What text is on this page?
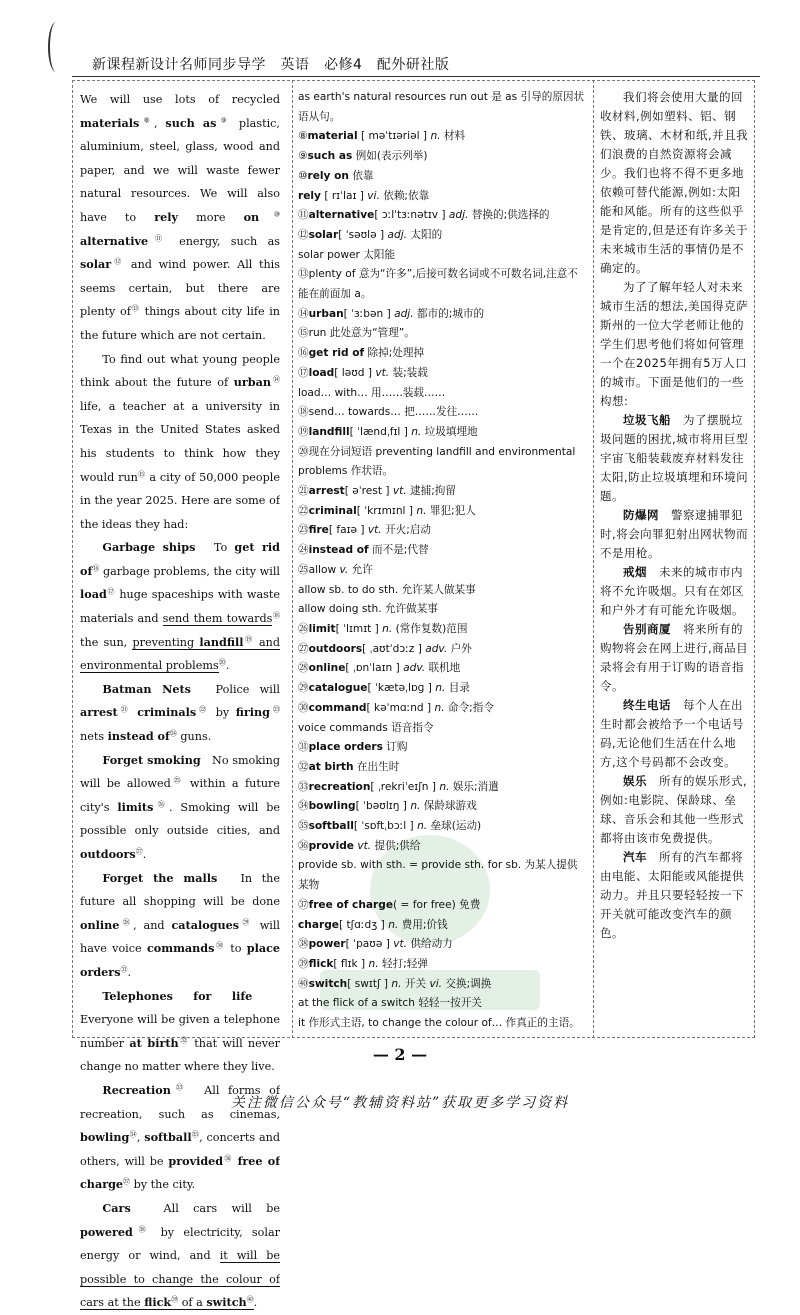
新课程新设计名师同步导学　英语　必修4　配外研社版

We will use lots of recycled materials⑧, such as⑨ plastic, aluminium, steel, glass, wood and paper, and we will waste fewer natural resources. We will also have to rely more on⑩ alternative⑪ energy, such as solar⑫ and wind power. All this seems certain, but there are plenty of⑬ things about city life in the future which are not certain.

To find out what young people think about the future of urban⑭ life, a teacher at a university in Texas in the United States asked his students to think how they would run⑮ a city of 50,000 people in the year 2025. Here are some of the ideas they had:

Garbage ships　To get rid of⑯ garbage problems, the city will load⑰ huge spaceships with waste materials and send them towards⑱ the sun, preventing landfill⑲ and environmental problems⑳.

Batman Nets　Police will arrest$^㉑$ criminals$^㉒$ by firing$^㉓$ nets instead $of^㉔$ guns.

Forget smoking　No smoking will be allowed$^㉕$ within a future city's limits$^㉖$. Smoking will be possible only outside cities, and outdoors$^㉗$.

Forget the malls　In the future all shopping will be done online$^㉘$, and catalogues$^㉙$ will have voice commands$^㉚$ to place orders$^㉛$.

Telephones for life　Everyone will be given a telephone number at birth$^㉜$ that will never change no matter where they live.

Recreation$^㉝$　All forms of recreation, such as cinemas, bowling$^㉞$, softball$^㉟$, concerts and others, will be provided$^㊱$ free of charge$^㊲$ by the city.

Cars　All cars will be powered$^㊳$ by electricity, solar energy or wind, and it will be possible to change the colour of cars at the flick$^㊴$ of a switch$^㊵$.

as earth's natural resources run out 是 as 引导的原因状语从句。

⑧material [ məˈtɪəriəl ] n. 材料

⑨such as 例如(表示列举)

⑩rely on 依靠

rely [ rɪˈlaɪ ] vi. 依赖;依靠

⑪alternative[ ɔːlˈtɜːnətɪv ] adj. 替换的;供选择的

⑫solar[ ˈsəʊlə ] adj. 太阳的

solar power 太阳能

⑬plenty of 意为“许多”,后接可数名词或不可数名词,注意不能在前面加 a。

⑭urban[ ˈɜːbən ] adj. 都市的;城市的

⑮run 此处意为“管理”。

⑯get rid of 除掉;处理掉

⑰load[ ləʊd ] vt. 装;装载

load… with… 用……装载……

⑱send… towards… 把……发往……

⑲landfill[ ˈlændˌfɪl ] n. 垃圾填埋地

⑳现在分词短语 preventing landfill and environmental problems 作状语。

㉑arrest[ əˈrest ] vt. 逮捕;拘留

㉒criminal[ ˈkrɪmɪnl ] n. 罪犯;犯人

㉓fire[ faɪə ] vt. 开火;启动

㉔instead of 而不是;代替

㉕allow v. 允许

allow sb. to do sth. 允许某人做某事

allow doing sth. 允许做某事

㉖limit[ ˈlɪmɪt ] n. (常作复数)范围

㉗outdoors[ ˌaʊtˈdɔːz ] adv. 户外

㉘online[ ˌɒnˈlaɪn ] adv. 联机地

㉙catalogue[ ˈkætəˌlɒɡ ] n. 目录

㉚command[ kəˈmɑːnd ] n. 命令;指令

voice commands 语音指令

㉛place orders 订购

㉜at birth 在出生时

㉝recreation[ ˌrekriˈeɪʃn ] n. 娱乐;消遣

㉞bowling[ ˈbəʊlɪŋ ] n. 保龄球游戏

㉟softball[ ˈsɒftˌbɔːl ] n. 垒球(运动)

㊱provide vt. 提供;供给

provide sb. with sth. = provide sth. for sb. 为某人提供某物

㊲free of charge( = for free) 免费

charge[ tʃɑːdʒ ] n. 费用;价钱

㊳power[ ˈpaʊə ] vt. 供给动力

㊴flick[ flɪk ] n. 轻打;轻弹

㊵switch[ swɪtʃ ] n. 开关 vi. 交换;调换

at the flick of a switch 轻轻一按开关

it 作形式主语, to change the colour of… 作真正的主语。

我们将会使用大量的回收材料,例如塑料、铝、钢铁、玻璃、木材和纸,并且我们浪费的自然资源将会减少。我们也将不得不更多地依赖可替代能源,例如:太阳能和风能。所有的这些似乎是肯定的,但是还有许多关于未来城市生活的事情仍是不确定的。

为了了解年轻人对未来城市生活的想法,美国得克萨斯州的一位大学老师让他的学生们思考他们将如何管理一个在2025年拥有5万人口的城市。下面是他们的一些构想:

垃圾飞船　为了摆脱垃圾问题的困扰,城市将用巨型宇宙飞船装载废弃材料发往太阳,防止垃圾填埋和环境问题。

防爆网　警察逮捕罪犯时,将会向罪犯射出网状物而不是用枪。

戒烟　未来的城市市内将不允许吸烟。只有在郊区和户外才有可能允许吸烟。

告别商厦　将来所有的购物将会在网上进行,商品目录将会有用于订购的语音指令。

终生电话　每个人在出生时都会被给予一个电话号码,无论他们生活在什么地方,这个号码都不会改变。

娱乐　所有的娱乐形式,例如:电影院、保龄球、垒球、音乐会和其他一些形式都将由该市免费提供。

汽车　所有的汽车都将由电能、太阳能或风能提供动力。并且只要轻轻按一下开关就可能改变汽车的颜色。

— 2 —
关注微信公众号“教辅资料站”获取更多学习资料
